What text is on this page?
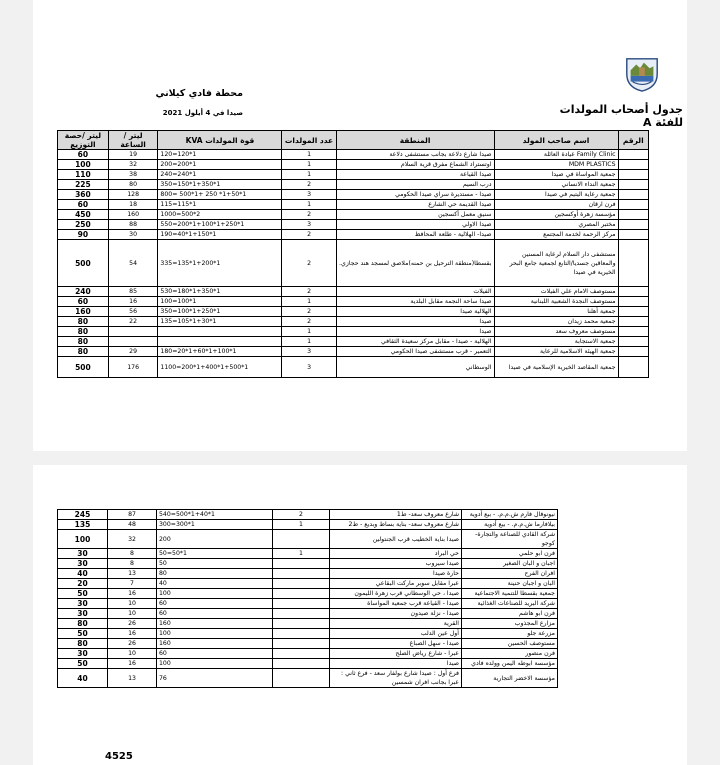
جدول أصحاب المولدات للفئة A
محطة فادي كيلاني
صيدا في 4 أيلول 2021
الرقم	اسم صاحب المولد	المنطقة	عدد المولدات	قوة المولدات KVA	ليتر / الساعة	ليتر /حصة التوزيع
	Family Clinic عيادة العائلة	صيدا شارع دلاعة بجانب مستشفى دلاعة	1	120=120*1	19	60
	MDM PLASTICS	اوتستراد الشماع مفرق قرية السلام	1	200=200*1	32	100
	جمعية المواساة في صيدا	صيدا القياعة	1	240=240*1	38	110
	جمعية النداء الانساني	درب السيم	2	350=150*1+350*1	80	225
	جمعية رعاية اليتيم في صيدا	صيدا - مستديرة سراي صيدا الحكومي	3	800= 500*1+ 250 *1+50*1	128	360
	فرن ارقان	صيدا القديمة حي الشارع	1	115=115*1	18	60
	مؤسسة زهرة أوكسجين	سنيق معمل أكسجين	2	1000=500*2	160	450
	مختبر المصري	صيدا الاولي	3	550=200*1+100*1+250*1	88	250
	مركز الرحمة لخدمة المجتمع	صيدا- الهلالية - طلعة المحافظ	2	190=40*1+150*1	30	90
	مستشفى دار السلام لرعاية المسنين والمعاقين جسديا/التابع لجمعية جامع البحر الخيرية في صيدا	بقسطا(منطقة الترحيل بن حمنه)ملاصق لمسجد هند حجازي.	2	335=135*1+200*1	54	500
	مستوصف الامام علي الفيلات	الفيلات	2	530=180*1+350*1	85	240
	مستوصف النجدة الشعبية اللبنانية	صيدا ساحة النجمة مقابل البلدية	1	100=100*1	16	60
	جمعية أهلنا	الهلالية صيدا	2	350=100*1+250*1	56	160
	جمعية محمد زيدان	صيدا	2	135=105*1+30*1	22	80
	مستوصف معروف سعد	صيدا	1			80
	جمعية الاستجابة	الهلالية - صيدا - مقابل مركز سعيدة الثقافي	1			80
	جمعية الهيئة الاسلامية للرعاية	التعمير - قرب مستشفى صيدا الحكومي	3	180=20*1+60*1+100*1	29	80
	جمعية المقاصد الخيرية الإسلامية في صيدا	الوسطاني	3	1100=200*1+400*1+500*1	176	500
4525
نيونوفال فارم ش.م.م. - بيع أدوية	شارع معروف سعد- ط1	2	540=500*1+40*1	87	245
بيلافارما ش.م.م. - بيع أدوية	شارع معروف سعد- بناية بساط وبديع - ط2	1	300=300*1	48	135
شركة القادي للصناعة والتجارة- كوجو	صيدا بناية الخطيب قرب الجنتولين		200	32	100
فرن ابو حلمي	حي البراد	1	50=50*1	8	30
اجبان و البان الصغير	صيدا سيروب		50	8	30
افران الفرح	حارة صيدا		80	13	40
البان و اجبان حنينة	عبرا مقابل سوبر ماركت البقاعي		40	7	20
جمعية بقسطا للتنمية الاجتماعية	صيدا ، حي الوسطاني قرب زهرة الليمون		100	16	50
شركة البريد للصناعات الغذائية	صيدا - القياعة قرب جمعية المواساة		60	10	30
فرن ابو هاشم	صيدا - نزلة صيدون		60	10	30
مزارع المجذوب	القرية		160	26	80
مزرعة جلو	أول عين الدلب		100	16	50
مستوصف الحسين	صيدا - سهل الصباغ		160	26	80
فرن منصور	عبرا - شارع رياض الصلح		60	10	30
مؤسسة ابوطه اليمن وولده فادي	صيدا		100	16	50
مؤسسة الاخضر التجارية	فرع أول : صيدا شارع بولفار سعد - فرع ثاني : عبرا بجانب افران شمسين		76	13	40
